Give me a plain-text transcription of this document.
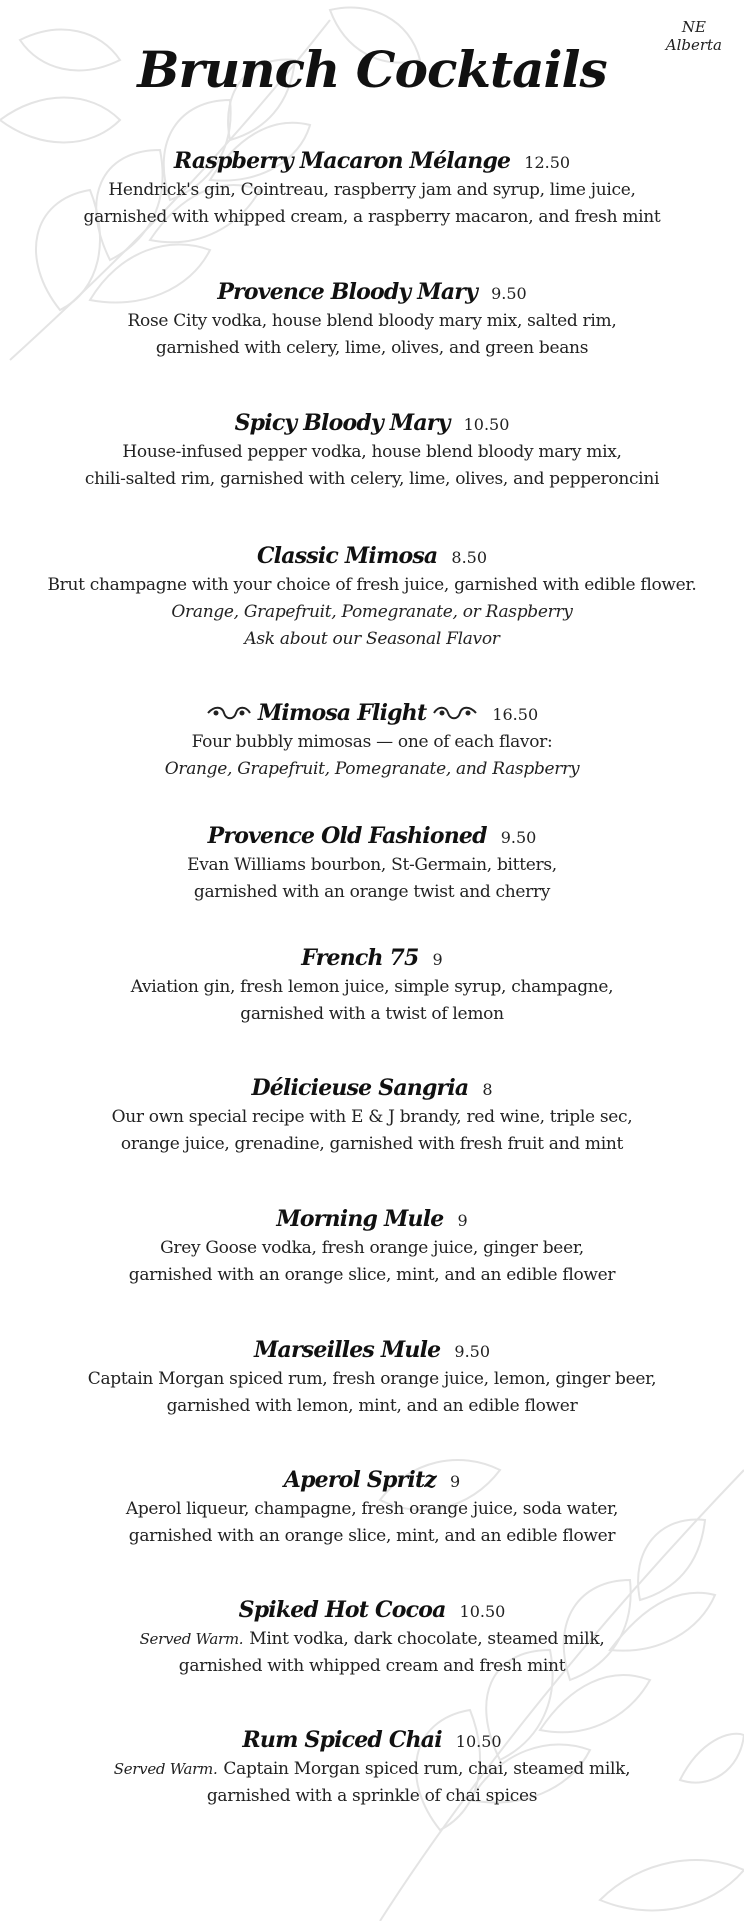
NE
Alberta
Brunch Cocktails
Raspberry Macaron Mélange 12.50
Hendrick's gin, Cointreau, raspberry jam and syrup, lime juice,
garnished with whipped cream, a raspberry macaron, and fresh mint
Provence Bloody Mary 9.50
Rose City vodka, house blend bloody mary mix, salted rim,
garnished with celery, lime, olives, and green beans
Spicy Bloody Mary 10.50
House-infused pepper vodka, house blend bloody mary mix,
chili-salted rim, garnished with celery, lime, olives, and pepperoncini
Classic Mimosa 8.50
Brut champagne with your choice of fresh juice, garnished with edible flower.
Orange, Grapefruit, Pomegranate, or Raspberry
Ask about our Seasonal Flavor
Mimosa Flight	16.50
Four bubbly mimosas — one of each flavor:
Orange, Grapefruit, Pomegranate, and Raspberry
Provence Old Fashioned 9.50
Evan Williams bourbon, St-Germain, bitters,
garnished with an orange twist and cherry
French 75 9
Aviation gin, fresh lemon juice, simple syrup, champagne,
garnished with a twist of lemon
Délicieuse Sangria 8
Our own special recipe with E & J brandy, red wine, triple sec,
orange juice, grenadine, garnished with fresh fruit and mint
Morning Mule 9
Grey Goose vodka, fresh orange juice, ginger beer,
garnished with an orange slice, mint, and an edible flower
Marseilles Mule 9.50
Captain Morgan spiced rum, fresh orange juice, lemon, ginger beer,
garnished with lemon, mint, and an edible flower
Aperol Spritz 9
Aperol liqueur, champagne, fresh orange juice, soda water,
garnished with an orange slice, mint, and an edible flower
Spiked Hot Cocoa 10.50
Served Warm. Mint vodka, dark chocolate, steamed milk,
garnished with whipped cream and fresh mint
Rum Spiced Chai 10.50
Served Warm. Captain Morgan spiced rum, chai, steamed milk,
garnished with a sprinkle of chai spices
